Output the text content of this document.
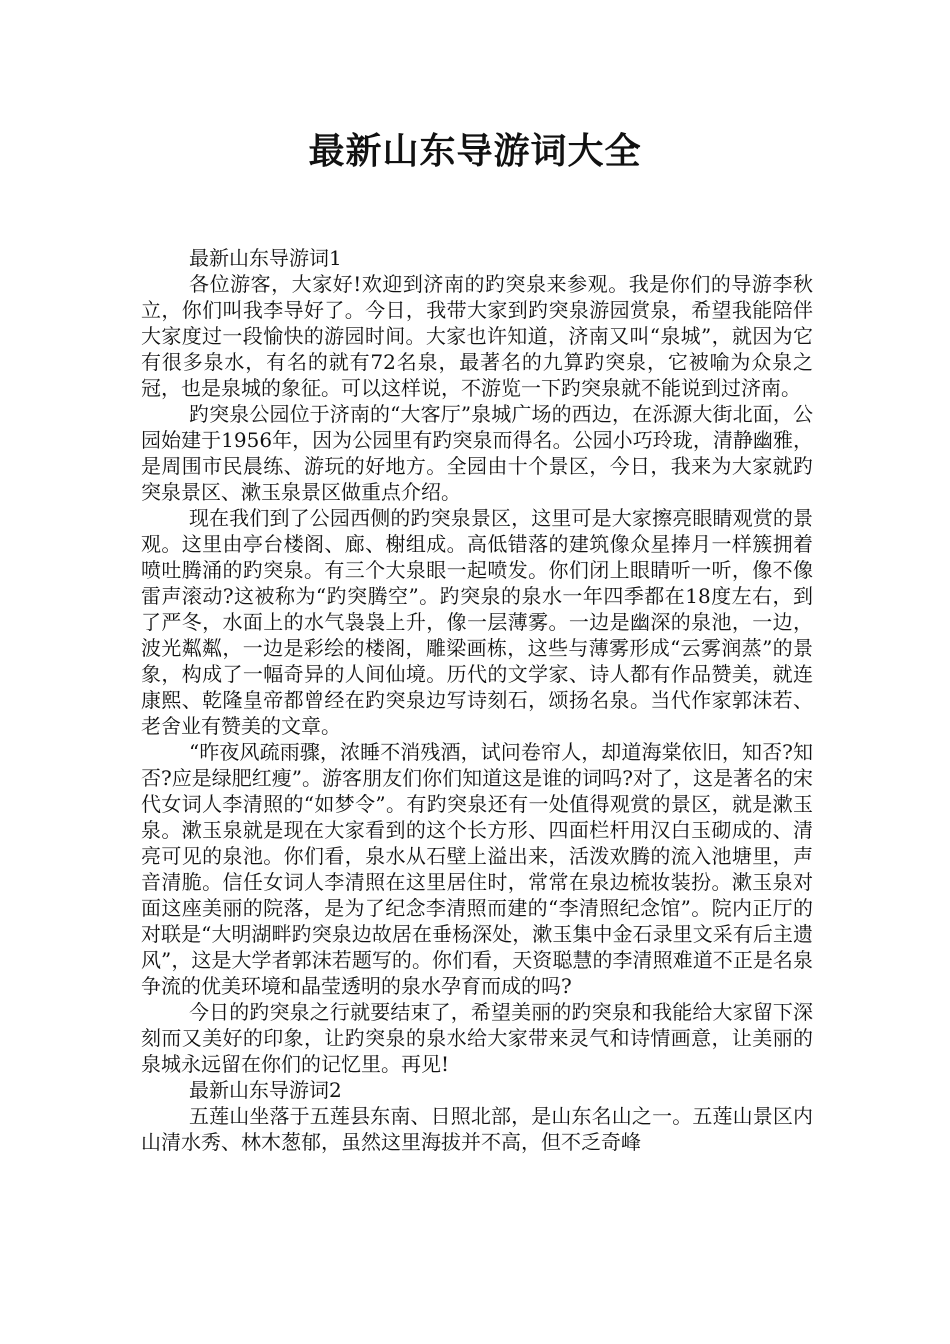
最新山东导游词大全

最新山东导游词1

各位游客，大家好!欢迎到济南的趵突泉来参观。我是你们的导游李秋立，你们叫我李导好了。今日，我带大家到趵突泉游园赏泉，希望我能陪伴大家度过一段愉快的游园时间。大家也许知道，济南又叫“泉城”，就因为它有很多泉水，有名的就有72名泉，最著名的九算趵突泉，它被喻为众泉之冠，也是泉城的象征。可以这样说，不游览一下趵突泉就不能说到过济南。

趵突泉公园位于济南的“大客厅”泉城广场的西边，在泺源大街北面，公园始建于1956年，因为公园里有趵突泉而得名。公园小巧玲珑，清静幽雅，是周围市民晨练、游玩的好地方。全园由十个景区，今日，我来为大家就趵突泉景区、漱玉泉景区做重点介绍。

现在我们到了公园西侧的趵突泉景区，这里可是大家擦亮眼睛观赏的景观。这里由亭台楼阁、廊、榭组成。高低错落的建筑像众星捧月一样簇拥着喷吐腾涌的趵突泉。有三个大泉眼一起喷发。你们闭上眼睛听一听，像不像雷声滚动?这被称为“趵突腾空”。趵突泉的泉水一年四季都在18度左右，到了严冬，水面上的水气袅袅上升，像一层薄雾。一边是幽深的泉池，一边，波光粼粼，一边是彩绘的楼阁，雕梁画栋，这些与薄雾形成“云雾润蒸”的景象，构成了一幅奇异的人间仙境。历代的文学家、诗人都有作品赞美，就连康熙、乾隆皇帝都曾经在趵突泉边写诗刻石，颂扬名泉。当代作家郭沫若、老舍业有赞美的文章。

“昨夜风疏雨骤，浓睡不消残酒，试问卷帘人，却道海棠依旧，知否?知否?应是绿肥红瘦”。游客朋友们你们知道这是谁的词吗?对了，这是著名的宋代女词人李清照的“如梦令”。有趵突泉还有一处值得观赏的景区，就是漱玉泉。漱玉泉就是现在大家看到的这个长方形、四面栏杆用汉白玉砌成的、清亮可见的泉池。你们看，泉水从石壁上溢出来，活泼欢腾的流入池塘里，声音清脆。信任女词人李清照在这里居住时，常常在泉边梳妆装扮。漱玉泉对面这座美丽的院落，是为了纪念李清照而建的“李清照纪念馆”。院内正厅的对联是“大明湖畔趵突泉边故居在垂杨深处，漱玉集中金石录里文采有后主遗风”，这是大学者郭沫若题写的。你们看，天资聪慧的李清照难道不正是名泉争流的优美环境和晶莹透明的泉水孕育而成的吗?

今日的趵突泉之行就要结束了，希望美丽的趵突泉和我能给大家留下深刻而又美好的印象，让趵突泉的泉水给大家带来灵气和诗情画意，让美丽的泉城永远留在你们的记忆里。再见!

最新山东导游词2

五莲山坐落于五莲县东南、日照北部，是山东名山之一。五莲山景区内山清水秀、林木葱郁，虽然这里海拔并不高，但不乏奇峰
